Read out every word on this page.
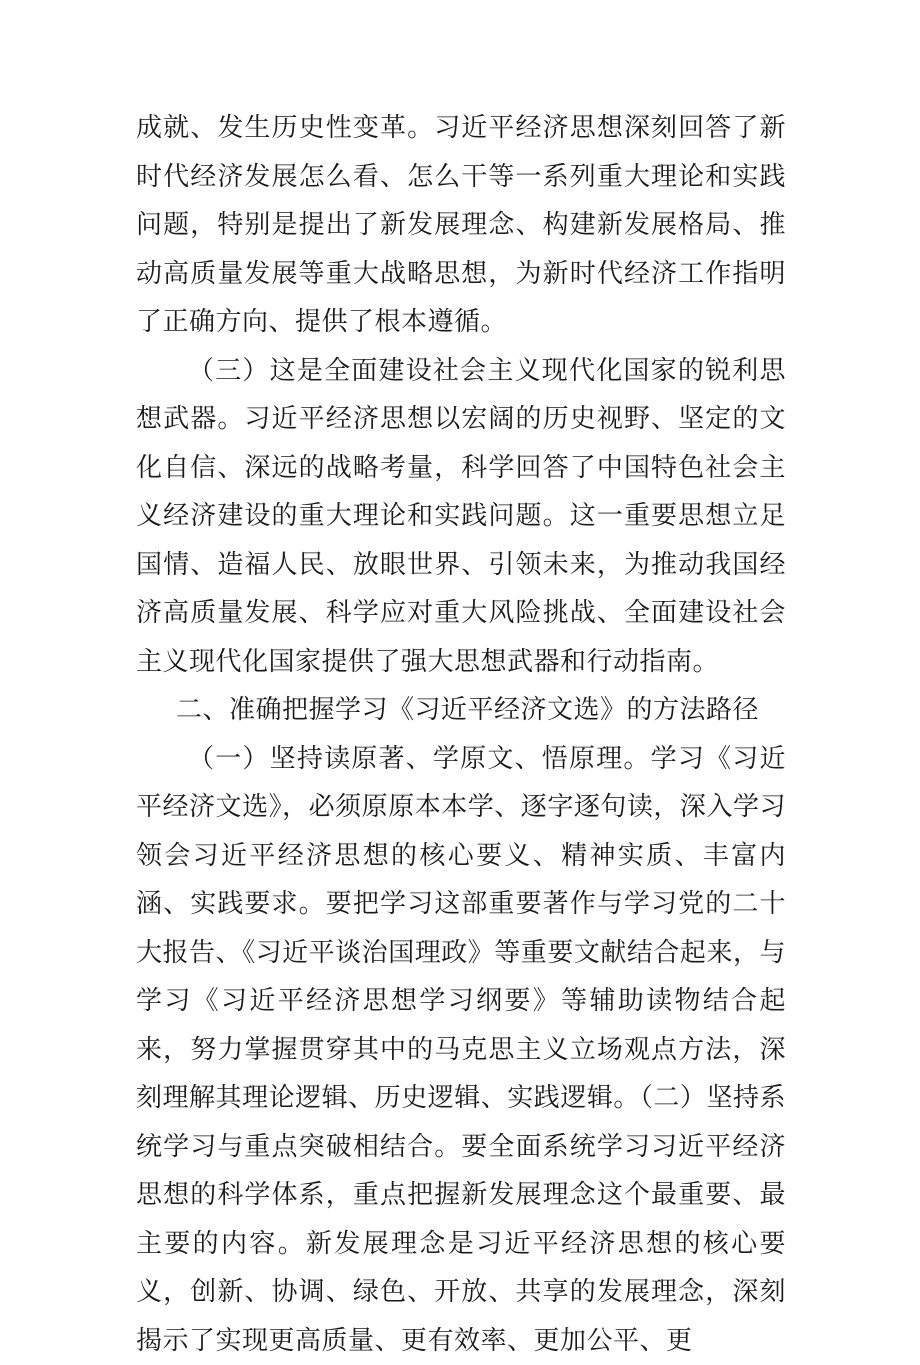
成就、发生历史性变革。习近平经济思想深刻回答了新时代经济发展怎么看、怎么干等一系列重大理论和实践问题，特别是提出了新发展理念、构建新发展格局、推动高质量发展等重大战略思想，为新时代经济工作指明了正确方向、提供了根本遵循。

（三）这是全面建设社会主义现代化国家的锐利思想武器。习近平经济思想以宏阔的历史视野、坚定的文化自信、深远的战略考量，科学回答了中国特色社会主义经济建设的重大理论和实践问题。这一重要思想立足国情、造福人民、放眼世界、引领未来，为推动我国经济高质量发展、科学应对重大风险挑战、全面建设社会主义现代化国家提供了强大思想武器和行动指南。

二、准确把握学习《习近平经济文选》的方法路径

（一）坚持读原著、学原文、悟原理。学习《习近平经济文选》，必须原原本本学、逐字逐句读，深入学习领会习近平经济思想的核心要义、精神实质、丰富内涵、实践要求。要把学习这部重要著作与学习党的二十大报告、《习近平谈治国理政》等重要文献结合起来，与学习《习近平经济思想学习纲要》等辅助读物结合起来，努力掌握贯穿其中的马克思主义立场观点方法，深刻理解其理论逻辑、历史逻辑、实践逻辑。（二）坚持系统学习与重点突破相结合。要全面系统学习习近平经济思想的科学体系，重点把握新发展理念这个最重要、最主要的内容。新发展理念是习近平经济思想的核心要义，创新、协调、绿色、开放、共享的发展理念，深刻揭示了实现更高质量、更有效率、更加公平、更
